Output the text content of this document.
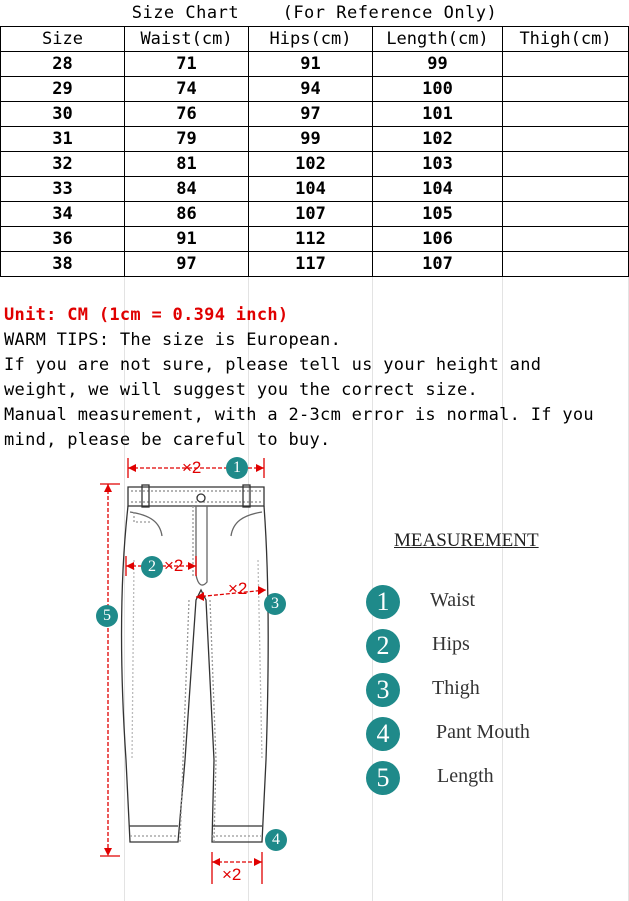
Size Chart	(For Reference Only)
Size	Waist(cm)	Hips(cm)	Length(cm)	Thigh(cm)
28	71	91	99	
29	74	94	100	
30	76	97	101	
31	79	99	102	
32	81	102	103	
33	84	104	104	
34	86	107	105	
36	91	112	106	
38	97	117	107	
Unit: CM (1cm = 0.394 inch)
WARM TIPS: The size is European.
If you are not sure, please tell us your height and
weight, we will suggest you the correct size.
Manual measurement, with a 2-3cm error is normal. If you
mind, please be careful to buy.
×2
×2
×2
×2
1
2
3
4
5
MEASUREMENT
1	Waist
2	Hips
3	Thigh
4	Pant Mouth
5	Length
